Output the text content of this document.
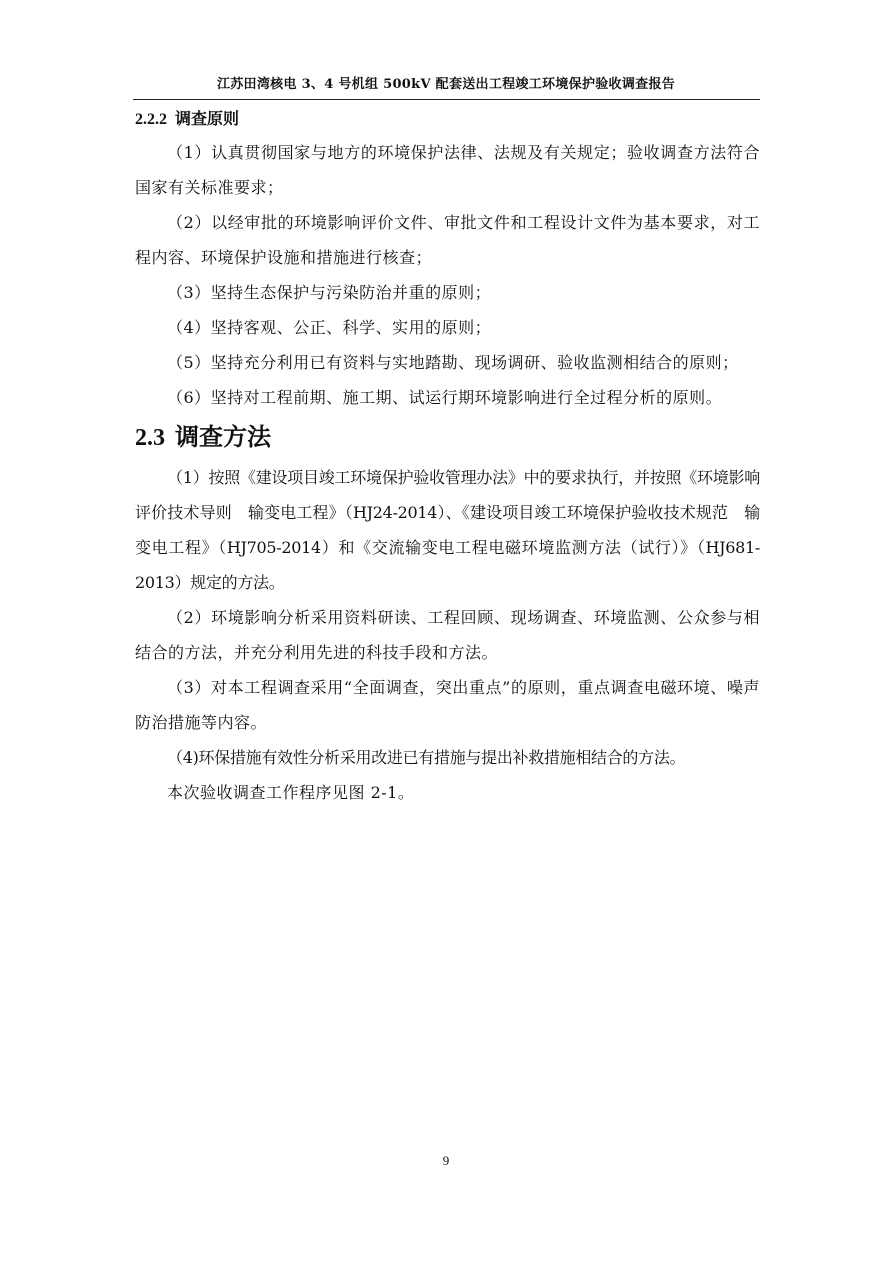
江苏田湾核电 3、4 号机组 500kV 配套送出工程竣工环境保护验收调查报告
2.2.2 调查原则

（1）认真贯彻国家与地方的环境保护法律、法规及有关规定；验收调查方法符合国家有关标准要求；

（2）以经审批的环境影响评价文件、审批文件和工程设计文件为基本要求，对工程内容、环境保护设施和措施进行核查；

（3）坚持生态保护与污染防治并重的原则；

（4）坚持客观、公正、科学、实用的原则；

（5）坚持充分利用已有资料与实地踏勘、现场调研、验收监测相结合的原则；

（6）坚持对工程前期、施工期、试运行期环境影响进行全过程分析的原则。

2.3 调查方法

（1）按照《建设项目竣工环境保护验收管理办法》中的要求执行，并按照《环境影响评价技术导则　输变电工程》（HJ24-2014）、《建设项目竣工环境保护验收技术规范　输变电工程》（HJ705-2014）和《交流输变电工程电磁环境监测方法（试行）》（HJ681-2013）规定的方法。

（2）环境影响分析采用资料研读、工程回顾、现场调查、环境监测、公众参与相结合的方法，并充分利用先进的科技手段和方法。

（3）对本工程调查采用“全面调查，突出重点”的原则，重点调查电磁环境、噪声防治措施等内容。

（4)环保措施有效性分析采用改进已有措施与提出补救措施相结合的方法。

本次验收调查工作程序见图 2-1。

9
